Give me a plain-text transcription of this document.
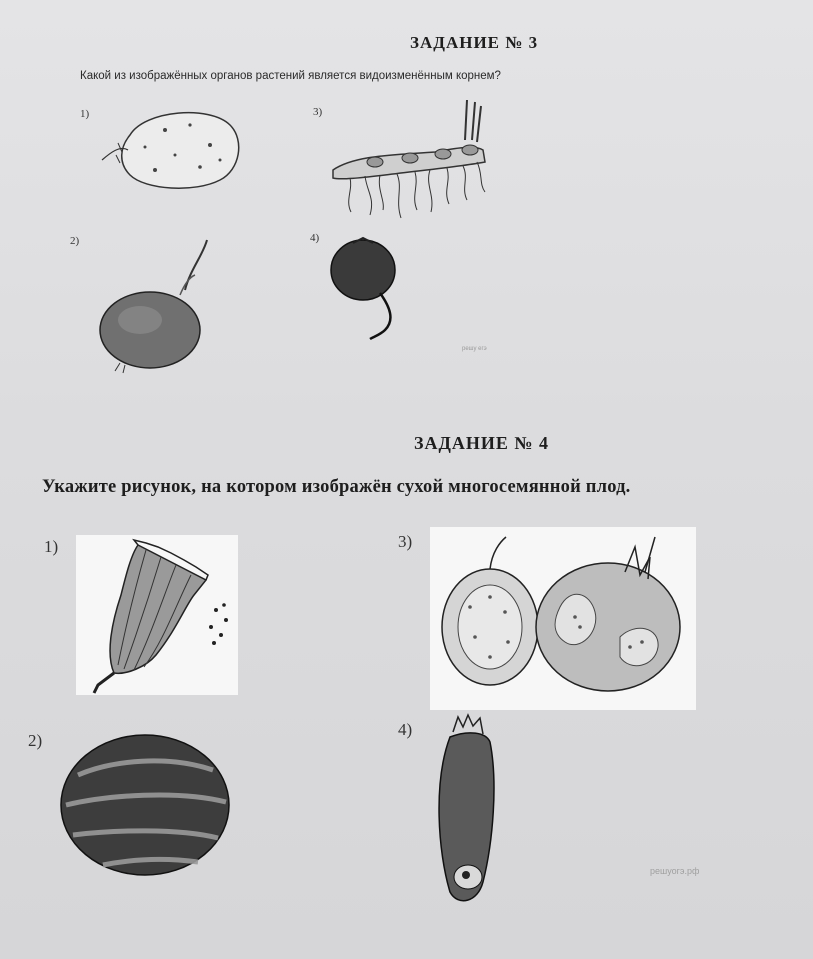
ЗАДАНИЕ № 3
Какой из изображённых органов растений является видоизменённым корнем?
1)	3)
2)	4)
решу егэ
ЗАДАНИЕ № 4
Укажите рисунок, на котором изображён сухой многосемянной плод.
1)	3)
2)
4)
решуогэ.рф
